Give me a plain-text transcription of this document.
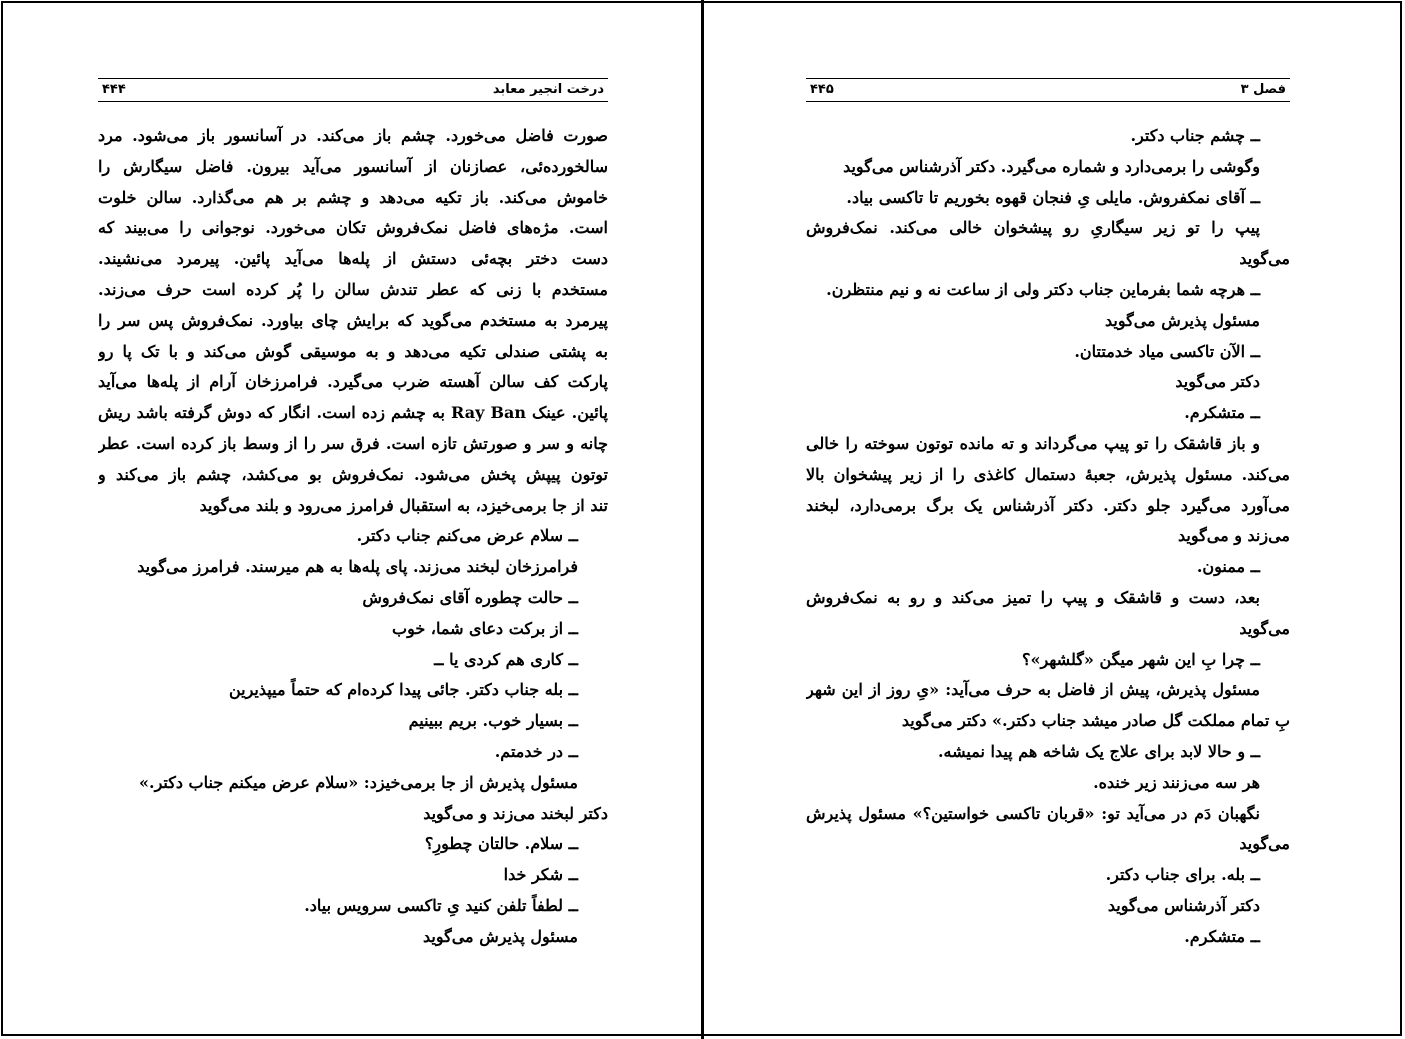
درخت انجیر معابد
۴۴۴
صورت فاضل می‌خورد. چشم باز می‌کند. در آسانسور باز می‌شود. مرد
سالخورده‌ئی، عصازنان از آسانسور می‌آید بیرون. فاضل سیگارش را
خاموش می‌کند. باز تکیه می‌دهد و چشم بر هم می‌گذارد. سالن خلوت
است. مژه‌های فاضل نمک‌فروش تکان می‌خورد. نوجوانی را می‌بیند که
دست دختر بچه‌ئی دستش از پله‌ها می‌آید پائین. پیرمرد می‌نشیند.
مستخدم با زنی که عطر تندش سالن را پُر کرده است حرف می‌زند.
پیرمرد به مستخدم می‌گوید که برایش چای بیاورد. نمک‌فروش پس سر را
به پشتی صندلی تکیه می‌دهد و به موسیقی گوش می‌کند و با تک پا رو
پارکت کف سالن آهسته ضرب می‌گیرد. فرامرزخان آرام از پله‌ها می‌آید
پائین. عینک Ray Ban به چشم زده است. انگار که دوش گرفته باشد ریش
چانه و سر و صورتش تازه است. فرق سر را از وسط باز کرده است. عطر
توتون پیپش پخش می‌شود. نمک‌فروش بو می‌کشد، چشم باز می‌کند و
تند از جا برمی‌خیزد، به استقبال فرامرز می‌رود و بلند می‌گوید
ــ سلام عرض می‌کنم جناب دکتر.
فرامرزخان لبخند می‌زند. پای پله‌ها به هم میرسند. فرامرز می‌گوید
ــ حالت چطوره آقای نمک‌فروش
ــ از برکت دعای شما، خوب
ــ کاری هم کردی یا ــ
ــ بله جناب دکتر. جائی پیدا کرده‌ام که حتماً میپذیرین
ــ بسیار خوب. بریم ببینیم
ــ در خدمتم.
مسئول پذیرش از جا برمی‌خیزد: «سلام عرض میکنم جناب دکتر.»
دکتر لبخند می‌زند و می‌گوید
ــ سلام. حالتان چطورِ؟
ــ شکر خدا
ــ لطفاً تلفن کنید یِ تاکسی سرویس بیاد.
مسئول پذیرش می‌گوید
فصل ۳
۴۴۵
ــ چشم جناب دکتر.
وگوشی را برمی‌دارد و شماره می‌گیرد. دکتر آذرشناس می‌گوید
ــ آقای نمکفروش. مایلی یِ فنجان قهوه بخوریم تا تاکسی بیاد.
پیپ را تو زیر سیگاریِ رو پیشخوان خالی می‌کند. نمک‌فروش
می‌گوید
ــ هرچه شما بفرماین جناب دکتر ولی از ساعت نه و نیم منتظرن.
مسئول پذیرش می‌گوید
ــ الآن تاکسی میاد خدمتتان.
دکتر می‌گوید
ــ متشکرم.
و باز قاشقک را تو پیپ می‌گرداند و ته مانده توتون سوخته را خالی
می‌کند. مسئول پذیرش، جعبهٔ دستمال کاغذی را از زیر پیشخوان بالا
می‌آورد می‌گیرد جلو دکتر. دکتر آذرشناس یک برگ برمی‌دارد، لبخند
می‌زند و می‌گوید
ــ ممنون.
بعد، دست و قاشقک و پیپ را تمیز می‌کند و رو به نمک‌فروش
می‌گوید
ــ چرا بِ این شهر میگن «گلشهر»؟
مسئول پذیرش، پیش از فاضل به حرف می‌آید: «یِ روز از این شهر
بِ تمام مملکت گل صادر میشد جناب دکتر.» دکتر می‌گوید
ــ و حالا لابد برای علاج یک شاخه هم پیدا نمیشه.
هر سه می‌زنند زیر خنده.
نگهبان دَم در می‌آید تو: «قربان تاکسی خواستین؟» مسئول پذیرش
می‌گوید
ــ بله. برای جناب دکتر.
دکتر آذرشناس می‌گوید
ــ متشکرم.
